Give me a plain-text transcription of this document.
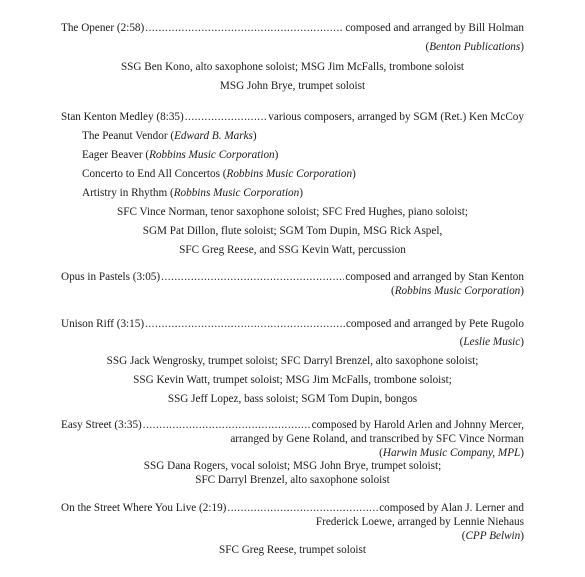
The Opener (2:58) .....	composed and arranged by Bill Holman
(Benton Publications)
SSG Ben Kono, alto saxophone soloist; MSG Jim McFalls, trombone soloist
MSG John Brye, trumpet soloist
Stan Kenton Medley (8:35) .....	various composers, arranged by SGM (Ret.) Ken McCoy
The Peanut Vendor (Edward B. Marks)
Eager Beaver (Robbins Music Corporation)
Concerto to End All Concertos (Robbins Music Corporation)
Artistry in Rhythm (Robbins Music Corporation)
SFC Vince Norman, tenor saxophone soloist; SFC Fred Hughes, piano soloist;
SGM Pat Dillon, flute soloist; SGM Tom Dupin, MSG Rick Aspel,
SFC Greg Reese, and SSG Kevin Watt, percussion
Opus in Pastels (3:05) .....	composed and arranged by Stan Kenton
(Robbins Music Corporation)
Unison Riff (3:15) .....	composed and arranged by Pete Rugolo
(Leslie Music)
SSG Jack Wengrosky, trumpet soloist; SFC Darryl Brenzel, alto saxophone soloist;
SSG Kevin Watt, trumpet soloist; MSG Jim McFalls, trombone soloist;
SSG Jeff Lopez, bass soloist; SGM Tom Dupin, bongos
Easy Street (3:35) .....	composed by Harold Arlen and Johnny Mercer,
arranged by Gene Roland, and transcribed by SFC Vince Norman
(Harwin Music Company, MPL)
SSG Dana Rogers, vocal soloist; MSG John Brye, trumpet soloist;
SFC Darryl Brenzel, alto saxophone soloist
On the Street Where You Live (2:19) .....	composed by Alan J. Lerner and
Frederick Loewe, arranged by Lennie Niehaus
(CPP Belwin)
SFC Greg Reese, trumpet soloist
